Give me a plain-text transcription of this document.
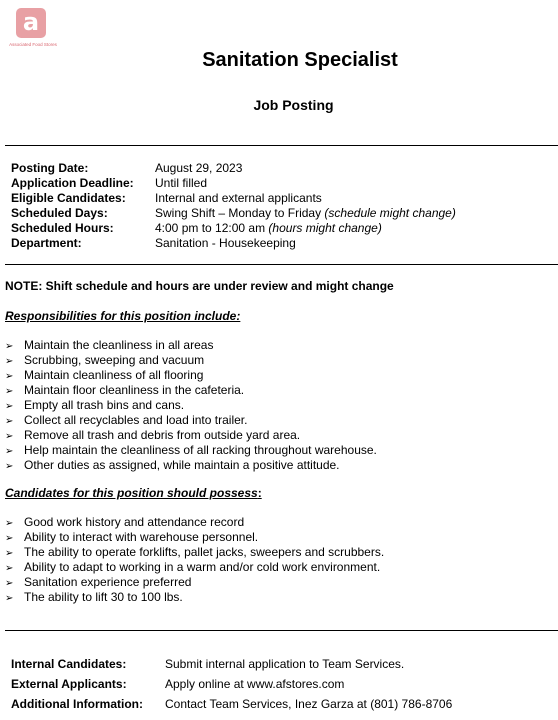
a
Associated Food Stores
Sanitation Specialist
Job Posting
Posting Date:	August 29, 2023
Application Deadline: Until filled
Eligible Candidates: Internal and external applicants
Scheduled Days:	Swing Shift – Monday to Friday (schedule might change)
Scheduled Hours:	4:00 pm to 12:00 am (hours might change)
Department:	Sanitation - Housekeeping
NOTE: Shift schedule and hours are under review and might change
Responsibilities for this position include:
➢ Maintain the cleanliness in all areas
➢ Scrubbing, sweeping and vacuum
➢ Maintain cleanliness of all flooring
➢ Maintain floor cleanliness in the cafeteria.
➢ Empty all trash bins and cans.
➢ Collect all recyclables and load into trailer.
➢ Remove all trash and debris from outside yard area.
➢ Help maintain the cleanliness of all racking throughout warehouse.
➢ Other duties as assigned, while maintain a positive attitude.
Candidates for this position should possess:
➢ Good work history and attendance record
➢ Ability to interact with warehouse personnel.
➢ The ability to operate forklifts, pallet jacks, sweepers and scrubbers.
➢ Ability to adapt to working in a warm and/or cold work environment.
➢ Sanitation experience preferred
➢ The ability to lift 30 to 100 lbs.
Internal Candidates:	Submit internal application to Team Services.
External Applicants:	Apply online at www.afstores.com
Additional Information: Contact Team Services, Inez Garza at (801) 786-8706
